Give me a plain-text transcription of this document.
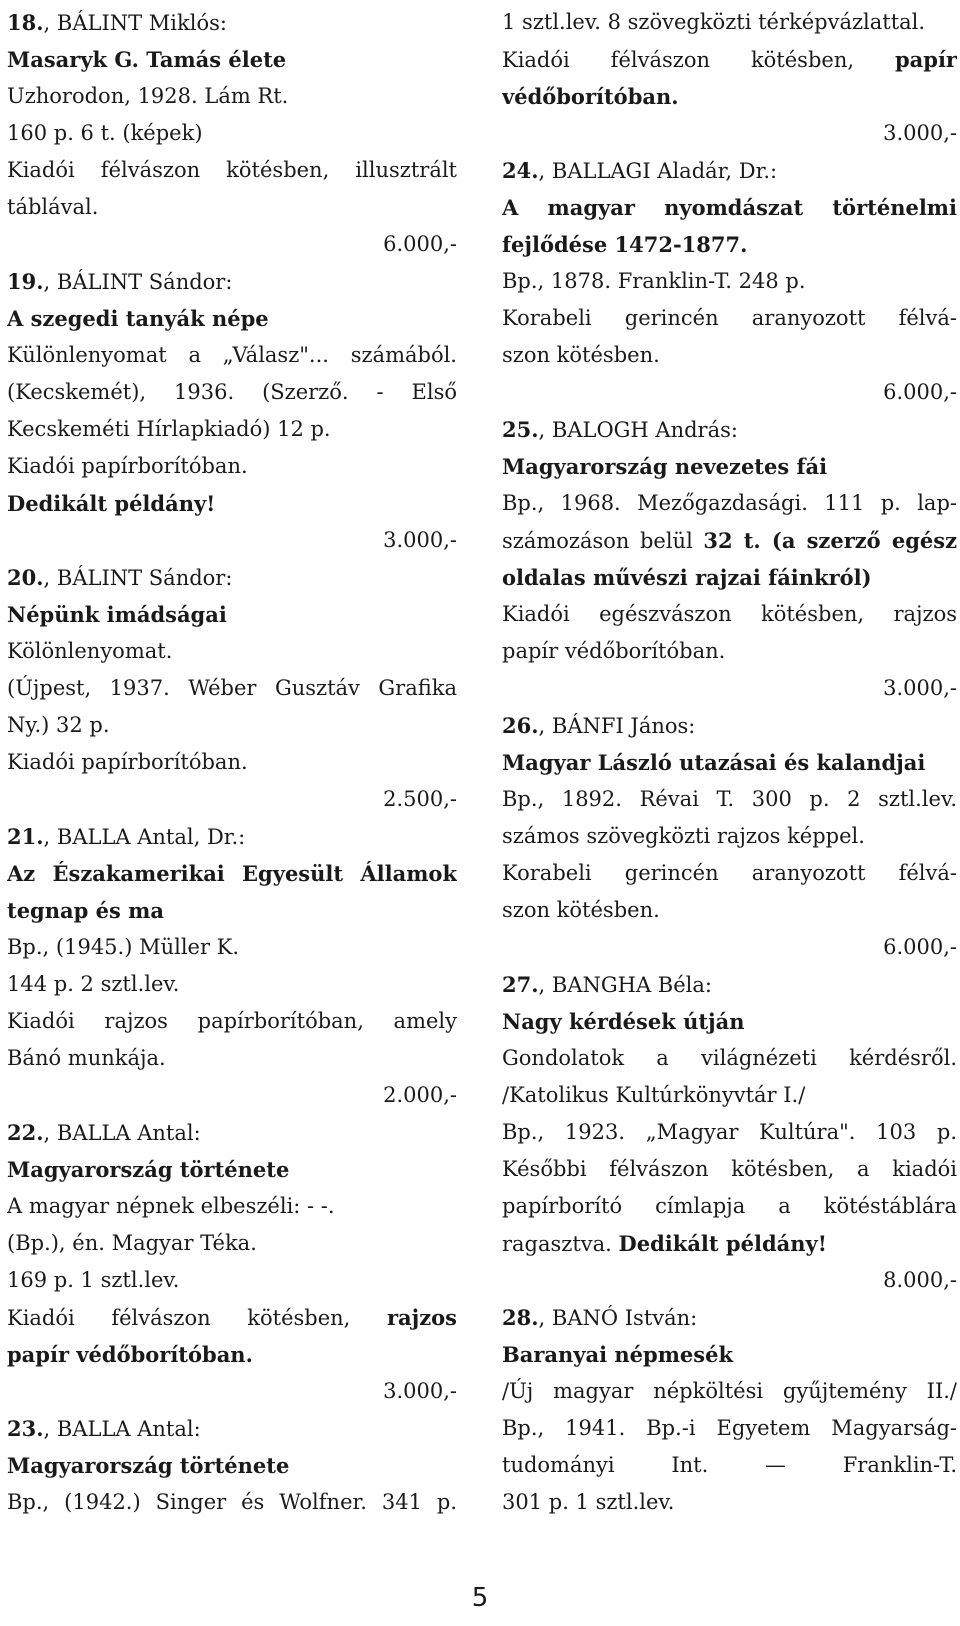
18., BÁLINT Miklós:
Masaryk G. Tamás élete
Uzhorodon, 1928. Lám Rt.
160 p. 6 t. (képek)
Kiadói félvászon kötésben, illusztrált
táblával.
6.000,-
19., BÁLINT Sándor:
A szegedi tanyák népe
Különlenyomat a „Válasz"... számából.
(Kecskemét), 1936. (Szerző. - Első
Kecskeméti Hírlapkiadó) 12 p.
Kiadói papírborítóban.
Dedikált példány!
3.000,-
20., BÁLINT Sándor:
Népünk imádságai
Kölönlenyomat.
(Újpest, 1937. Wéber Gusztáv Grafika
Ny.) 32 p.
Kiadói papírborítóban.
2.500,-
21., BALLA Antal, Dr.:
Az Északamerikai Egyesült Államok
tegnap és ma
Bp., (1945.) Müller K.
144 p. 2 sztl.lev.
Kiadói rajzos papírborítóban, amely
Bánó munkája.
2.000,-
22., BALLA Antal:
Magyarország története
A magyar népnek elbeszéli: - -.
(Bp.), én. Magyar Téka.
169 p. 1 sztl.lev.
Kiadói félvászon kötésben, rajzos
papír védőborítóban.
3.000,-
23., BALLA Antal:
Magyarország története
Bp., (1942.) Singer és Wolfner. 341 p.
1 sztl.lev. 8 szövegközti térképvázlattal.
Kiadói félvászon kötésben, papír
védőborítóban.
3.000,-
24., BALLAGI Aladár, Dr.:
A magyar nyomdászat történelmi
fejlődése 1472-1877.
Bp., 1878. Franklin-T. 248 p.
Korabeli gerincén aranyozott félvá-
szon kötésben.
6.000,-
25., BALOGH András:
Magyarország nevezetes fái
Bp., 1968. Mezőgazdasági. 111 p. lap-
számozáson belül 32 t. (a szerző egész
oldalas művészi rajzai fáinkról)
Kiadói egészvászon kötésben, rajzos
papír védőborítóban.
3.000,-
26., BÁNFI János:
Magyar László utazásai és kalandjai
Bp., 1892. Révai T. 300 p. 2 sztl.lev.
számos szövegközti rajzos képpel.
Korabeli gerincén aranyozott félvá-
szon kötésben.
6.000,-
27., BANGHA Béla:
Nagy kérdések útján
Gondolatok a világnézeti kérdésről.
/Katolikus Kultúrkönyvtár I./
Bp., 1923. „Magyar Kultúra". 103 p.
Későbbi félvászon kötésben, a kiadói
papírborító címlapja a kötéstáblára
ragasztva. Dedikált példány!
8.000,-
28., BANÓ István:
Baranyai népmesék
/Új magyar népköltési gyűjtemény II./
Bp., 1941. Bp.-i Egyetem Magyarság-
tudományi Int. — Franklin-T.
301 p. 1 sztl.lev.
5
